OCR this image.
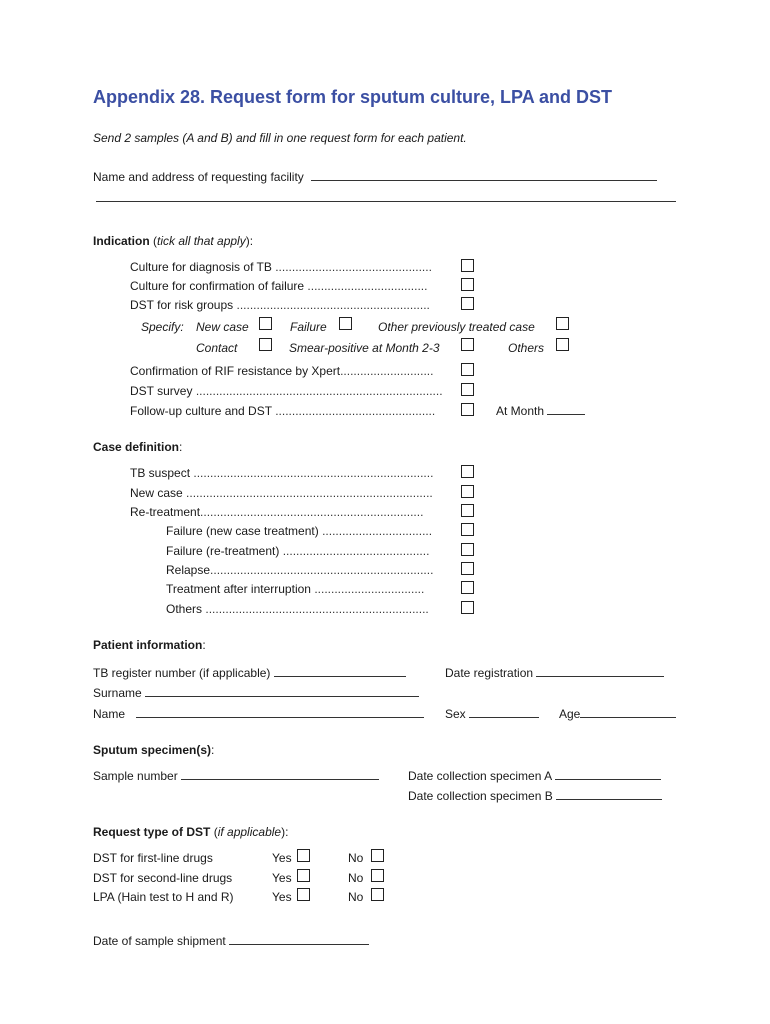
Appendix 28. Request form for sputum culture, LPA and DST
Send 2 samples (A and B) and fill in one request form for each patient.
Name and address of requesting facility
Indication (tick all that apply):
Culture for diagnosis of TB ...............................................
Culture for confirmation of failure ....................................
DST for risk groups ..........................................................
Specify: New case	Failure	Other previously treated case
Contact	Smear-positive at Month 2-3	Others
Confirmation of RIF resistance by Xpert............................
DST survey ..........................................................................
Follow-up culture and DST ................................................	At Month
Case definition:
TB suspect ........................................................................
New case ..........................................................................
Re-treatment...................................................................
Failure (new case treatment) .................................
Failure (re-treatment) ............................................
Relapse...................................................................
Treatment after interruption .................................
Others ...................................................................
Patient information:
TB register number (if applicable)	Date registration
Surname
Name	Sex	Age
Sputum specimen(s):
Sample number	Date collection specimen A
Date collection specimen B
Request type of DST (if applicable):
DST for first-line drugs	Yes	No
DST for second-line drugs	Yes	No
LPA (Hain test to H and R)	Yes	No
Date of sample shipment
